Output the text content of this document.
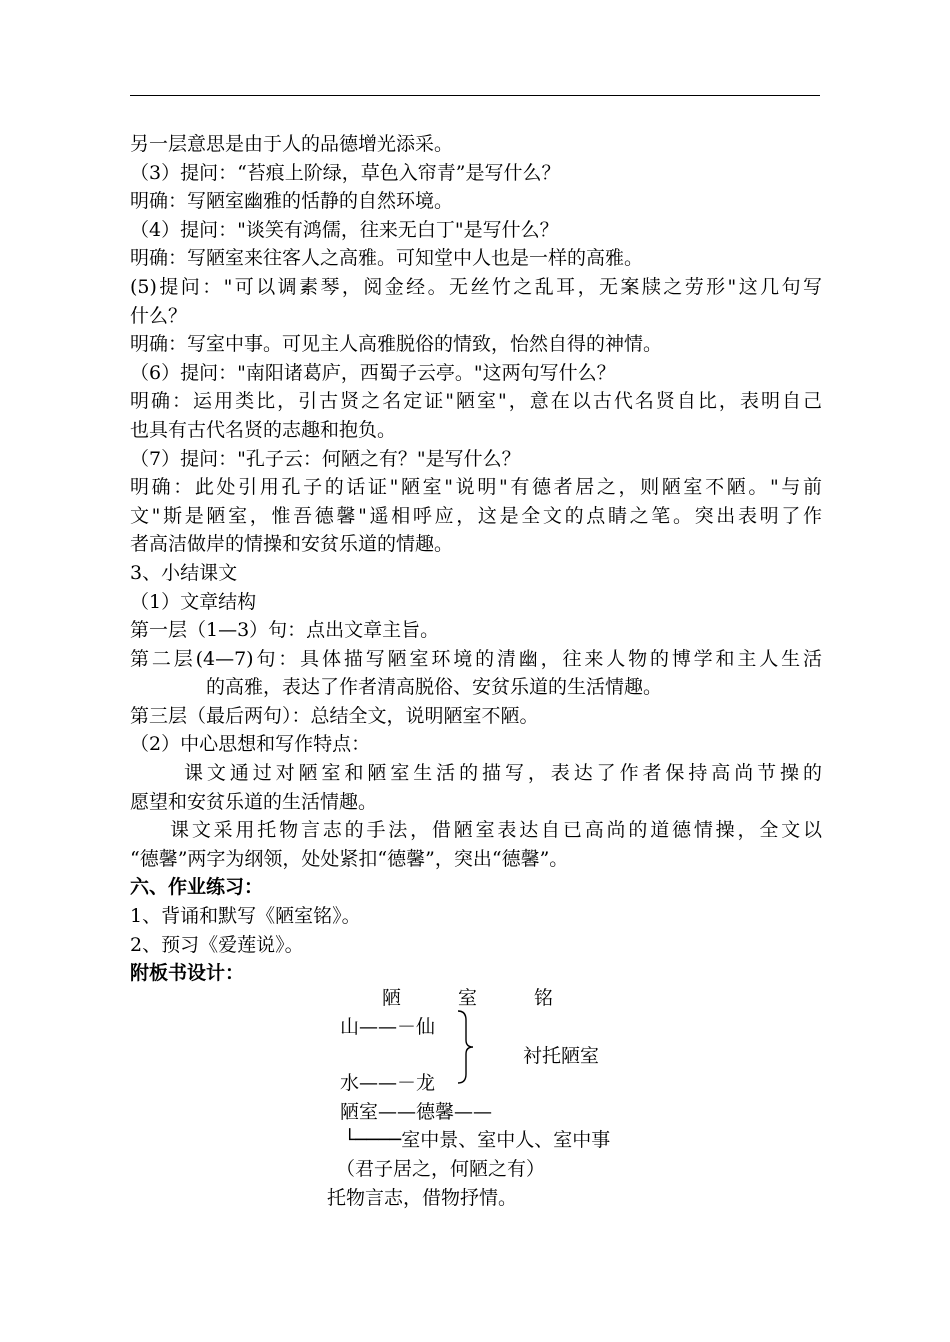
另一层意思是由于人的品德增光添采。
（3）提问：“苔痕上阶绿，草色入帘青”是写什么？
明确：写陋室幽雅的恬静的自然环境。
（4）提问："谈笑有鸿儒，往来无白丁"是写什么？
明确：写陋室来往客人之高雅。可知堂中人也是一样的高雅。
(5)提问："可以调素琴，阅金经。无丝竹之乱耳，无案牍之劳形"这几句写
什么？
明确：写室中事。可见主人高雅脱俗的情致，怡然自得的神情。
（6）提问："南阳诸葛庐，西蜀子云亭。"这两句写什么？
明确：运用类比，引古贤之名定证"陋室"，意在以古代名贤自比，表明自己
也具有古代名贤的志趣和抱负。
（7）提问："孔子云：何陋之有？"是写什么？
明确：此处引用孔子的话证"陋室"说明"有德者居之，则陋室不陋。"与前
文"斯是陋室，惟吾德馨"遥相呼应，这是全文的点睛之笔。突出表明了作
者高洁做岸的情操和安贫乐道的情趣。
3、小结课文
（1）文章结构
第一层（1—3）句：点出文章主旨。
第二层(4—7)句：具体描写陋室环境的清幽，往来人物的博学和主人生活
的高雅，表达了作者清高脱俗、安贫乐道的生活情趣。
第三层（最后两句）：总结全文，说明陋室不陋。
（2）中心思想和写作特点：
课文通过对陋室和陋室生活的描写，表达了作者保持高尚节操的
愿望和安贫乐道的生活情趣。
课文采用托物言志的手法，借陋室表达自已高尚的道德情操，全文以
“德馨”两字为纲领，处处紧扣“德馨”，突出“德馨”。
六、作业练习：
1、背诵和默写《陋室铭》。
2、预习《爱莲说》。
附板书设计：
陋	室	铭
山——－仙
衬托陋室
水——－龙
陋室——德馨——
└────室中景、室中人、室中事
（君子居之，何陋之有）
托物言志，借物抒情。
